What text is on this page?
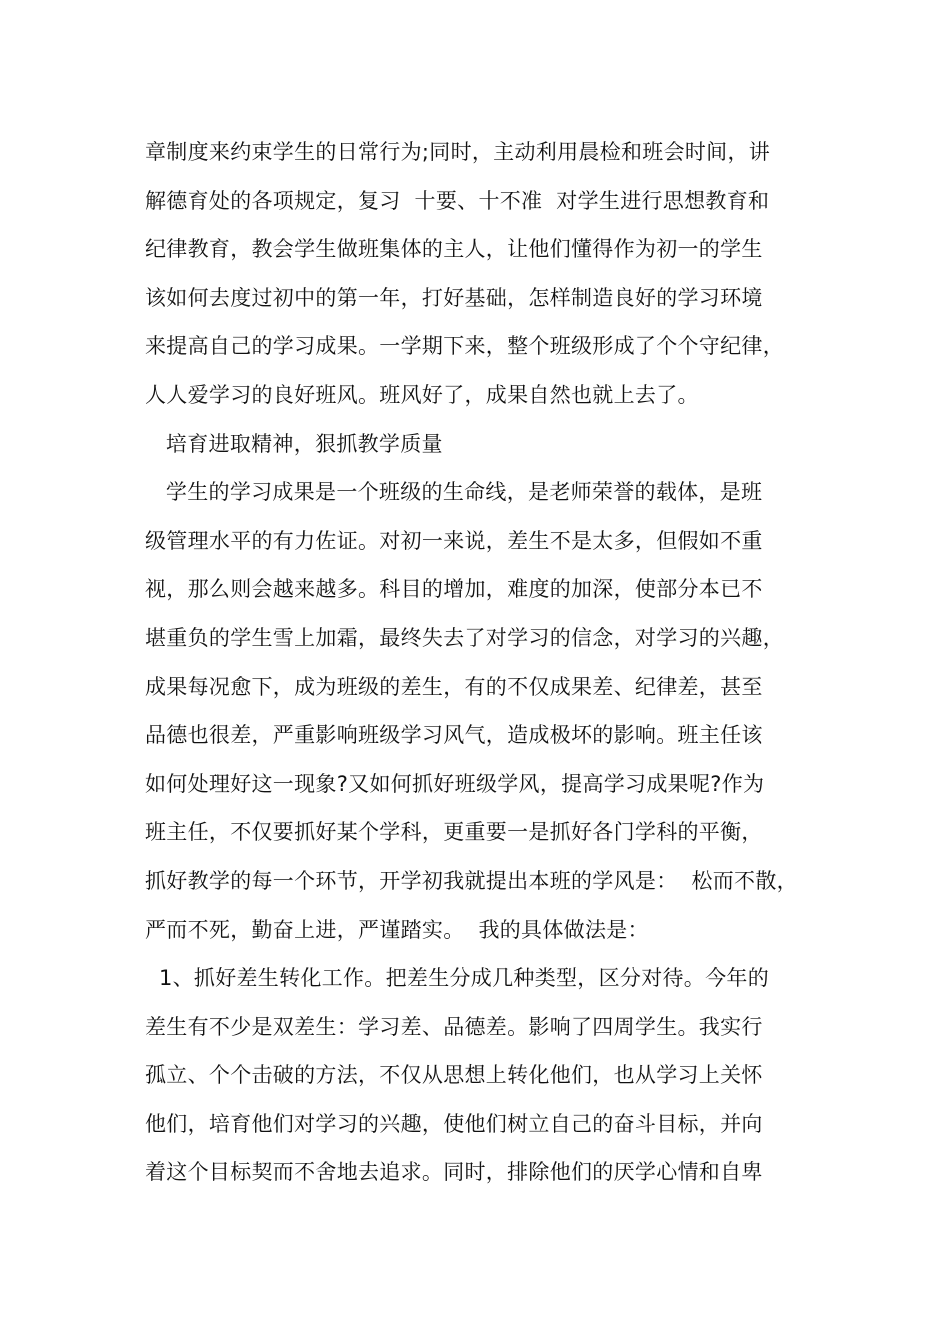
章制度来约束学生的日常行为;同时，主动利用晨检和班会时间，讲
解德育处的各项规定，复习  十要、十不准  对学生进行思想教育和
纪律教育，教会学生做班集体的主人，让他们懂得作为初一的学生
该如何去度过初中的第一年，打好基础，怎样制造良好的学习环境
来提高自己的学习成果。一学期下来，整个班级形成了个个守纪律，
人人爱学习的良好班风。班风好了，成果自然也就上去了。
培育进取精神，狠抓教学质量
学生的学习成果是一个班级的生命线，是老师荣誉的载体，是班
级管理水平的有力佐证。对初一来说，差生不是太多，但假如不重
视，那么则会越来越多。科目的增加，难度的加深，使部分本已不
堪重负的学生雪上加霜，最终失去了对学习的信念，对学习的兴趣，
成果每况愈下，成为班级的差生，有的不仅成果差、纪律差，甚至
品德也很差，严重影响班级学习风气，造成极坏的影响。班主任该
如何处理好这一现象?又如何抓好班级学风，提高学习成果呢?作为
班主任，不仅要抓好某个学科，更重要一是抓好各门学科的平衡，
抓好教学的每一个环节，开学初我就提出本班的学风是：  松而不散，
严而不死，勤奋上进，严谨踏实。  我的具体做法是：
1、抓好差生转化工作。把差生分成几种类型，区分对待。今年的
差生有不少是双差生：学习差、品德差。影响了四周学生。我实行
孤立、个个击破的方法，不仅从思想上转化他们，也从学习上关怀
他们，培育他们对学习的兴趣，使他们树立自己的奋斗目标，并向
着这个目标契而不舍地去追求。同时，排除他们的厌学心情和自卑
